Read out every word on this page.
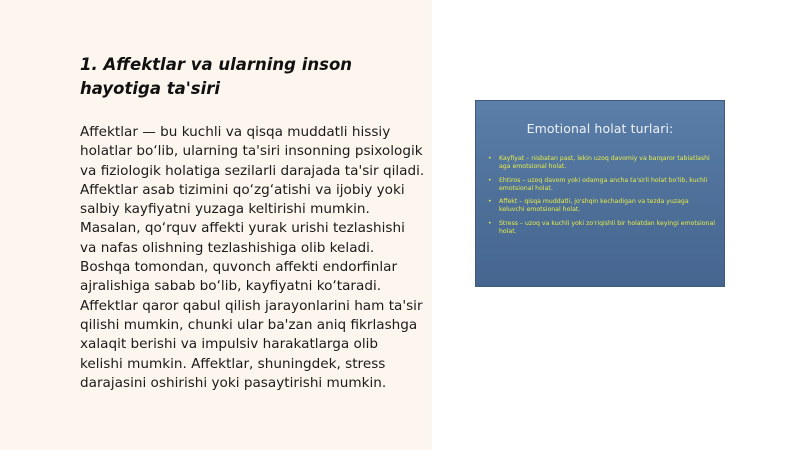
1. Affektlar va ularning inson hayotiga ta'siri

Affektlar — bu kuchli va qisqa muddatli hissiy holatlar bo‘lib, ularning ta'siri insonning psixologik va fiziologik holatiga sezilarli darajada ta'sir qiladi. Affektlar asab tizimini qo‘zg‘atishi va ijobiy yoki salbiy kayfiyatni yuzaga keltirishi mumkin. Masalan, qo‘rquv affekti yurak urishi tezlashishi va nafas olishning tezlashishiga olib keladi. Boshqa tomondan, quvonch affekti endorfinlar ajralishiga sabab bo‘lib, kayfiyatni ko‘taradi. Affektlar qaror qabul qilish jarayonlarini ham ta'sir qilishi mumkin, chunki ular ba'zan aniq fikrlashga xalaqit berishi va impulsiv harakatlarga olib kelishi mumkin. Affektlar, shuningdek, stress darajasini oshirishi yoki pasaytirishi mumkin.

Emotional holat turlari:
• Kayfiyat – nisbatan past, lekin uzoq davomiy va barqaror tabiatlashi aga emotsional holat.
• Ehtiros – uzoq davom yoki odamga ancha ta'sirli holat bo'lib, kuchli emotsional holat.
• Affekt – qisqa muddatli, jo'shqin kechadigan va tezda yuzaga keluvchi emotsional holat.
• Stress – uzoq va kuchli yoki zo'riqishli bir holatdan keyingi emotsional holat.
